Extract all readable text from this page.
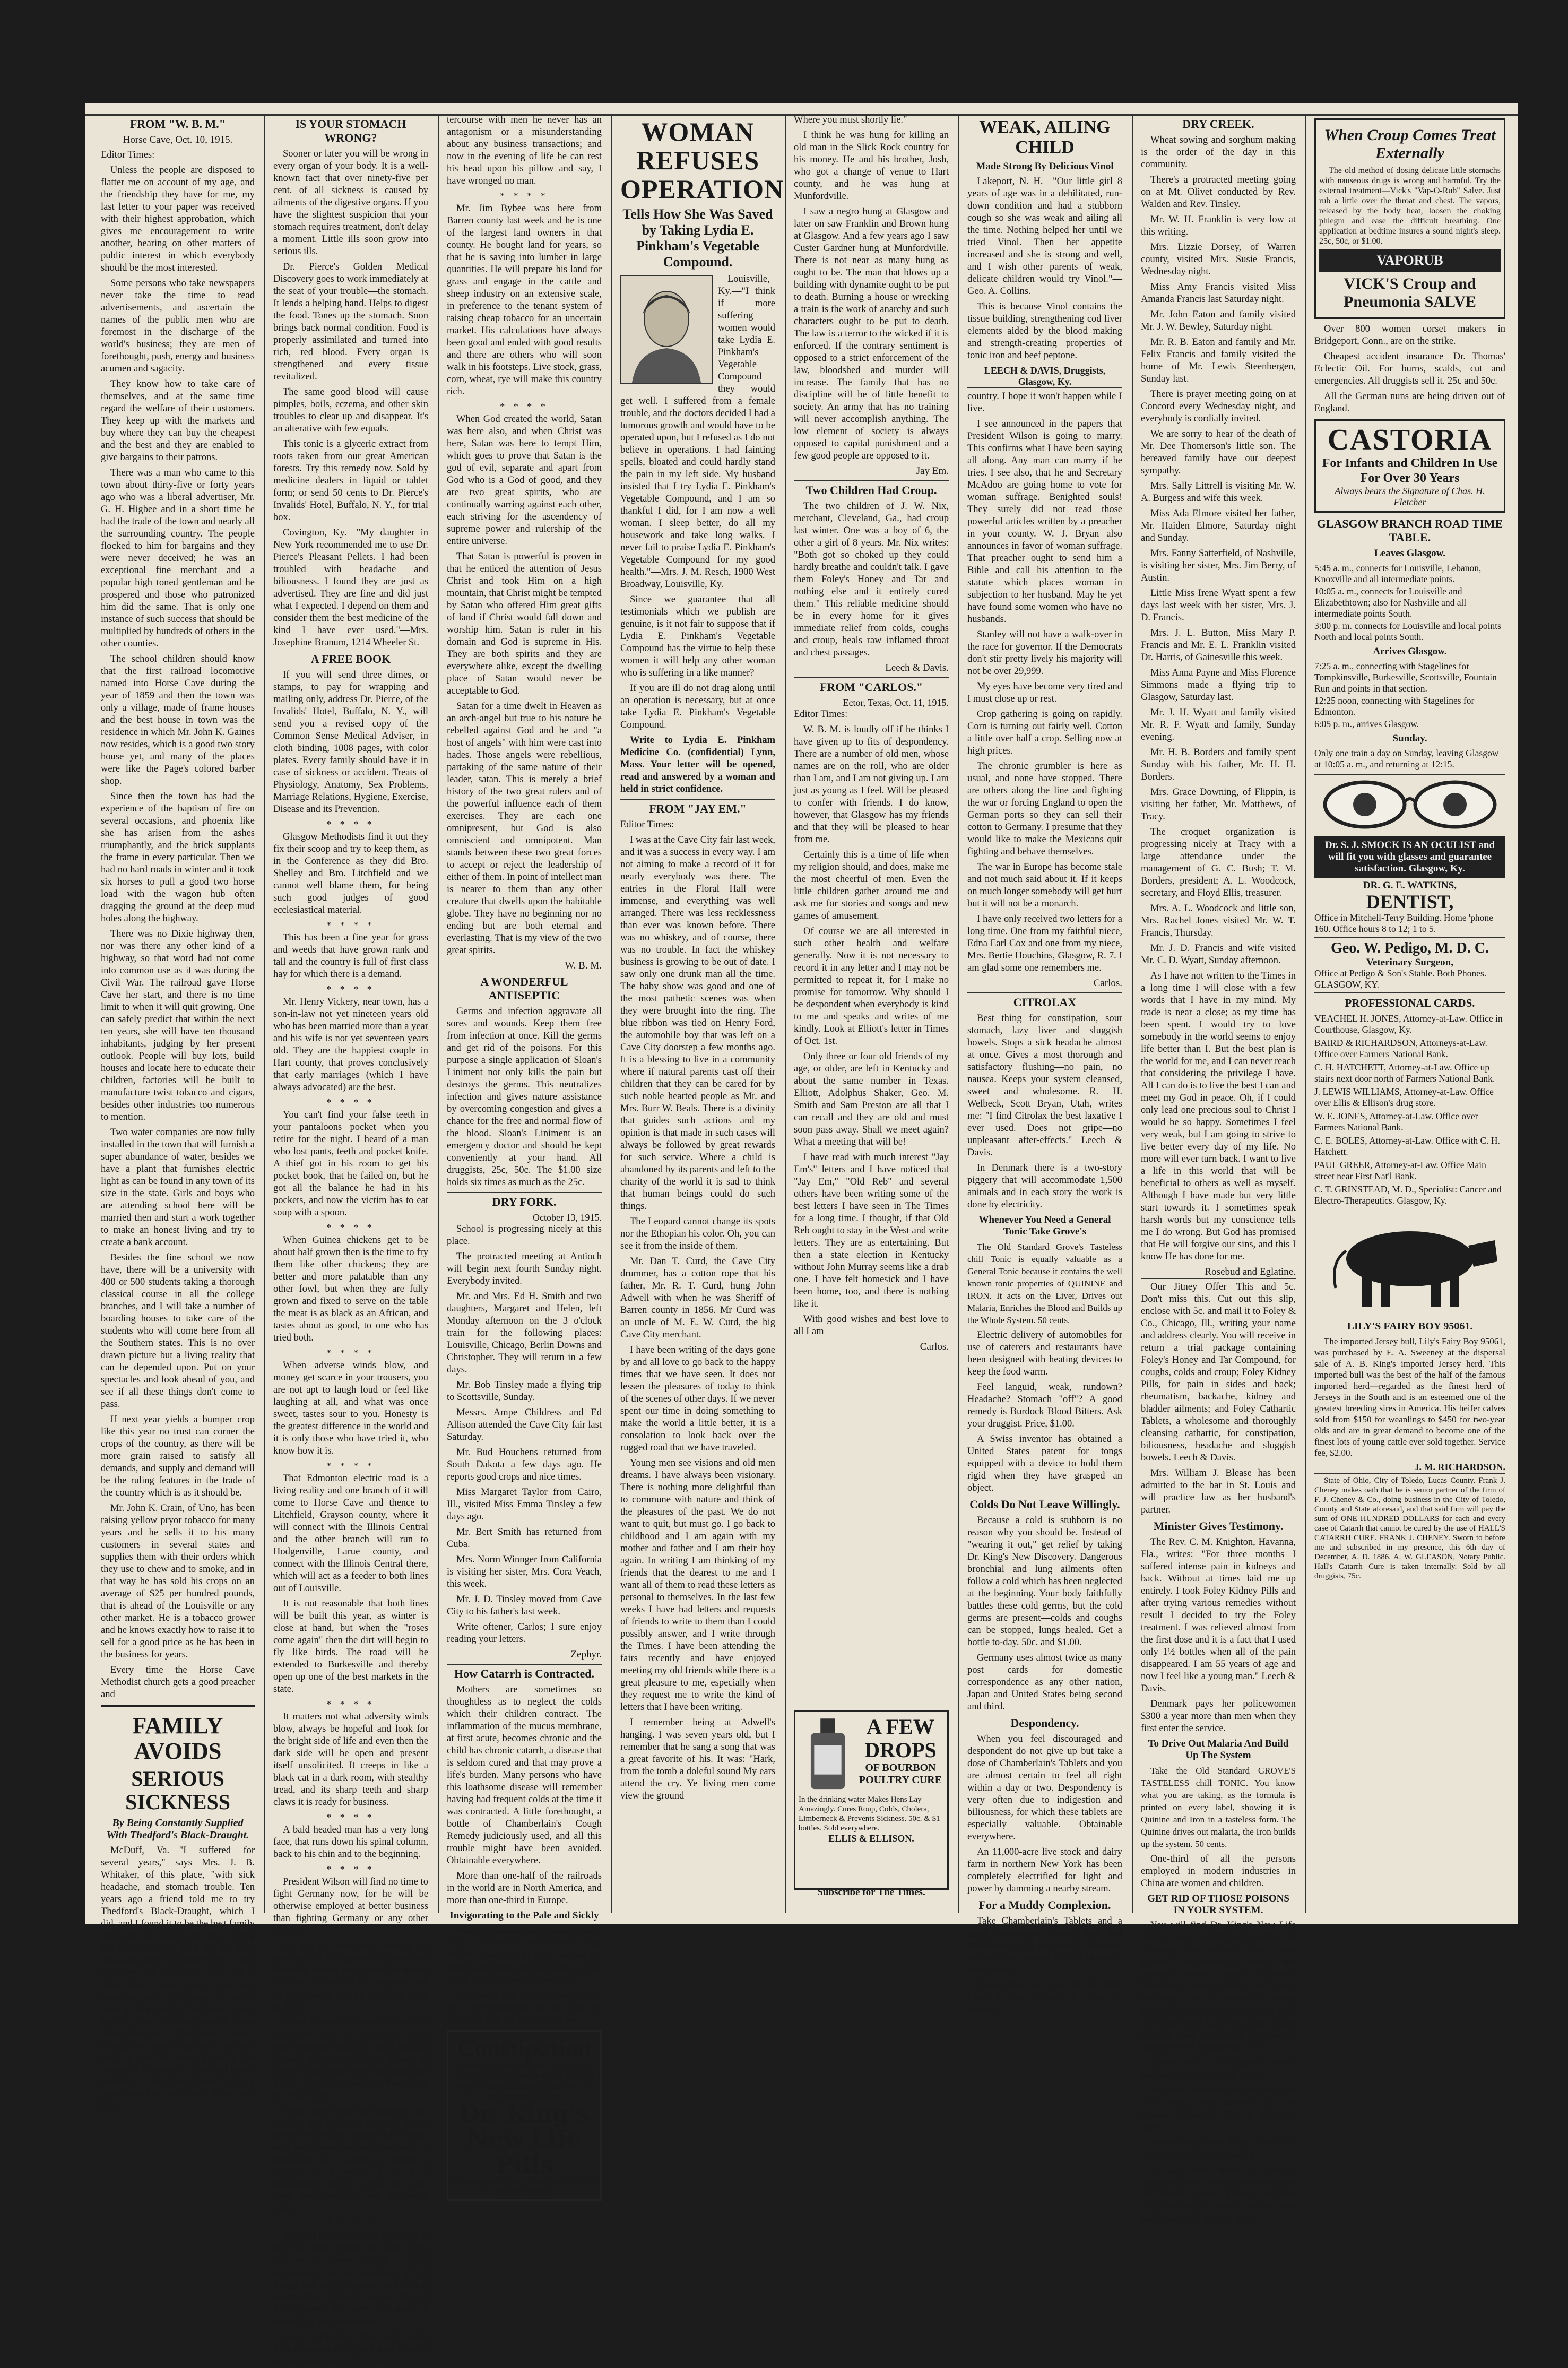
FROM "W. B. M."
Horse Cave, Oct. 10, 1915.

Editor Times:

Unless the people are disposed to flatter me on account of my age, and the friendship they have for me, my last letter to your paper was received with their highest approbation, which gives me encouragement to write another, bearing on other matters of public interest in which everybody should be the most interested.

Some persons who take newspapers never take the time to read advertisements, and ascertain the names of the public men who are foremost in the discharge of the world's business; they are men of forethought, push, energy and business acumen and sagacity.

They know how to take care of themselves, and at the same time regard the welfare of their customers. They keep up with the markets and buy where they can buy the cheapest and the best and they are enabled to give bargains to their patrons.

There was a man who came to this town about thirty-five or forty years ago who was a liberal advertiser, Mr. G. H. Higbee and in a short time he had the trade of the town and nearly all the surrounding country. The people flocked to him for bargains and they were never deceived; he was an exceptional fine merchant and a popular high toned gentleman and he prospered and those who patronized him did the same. That is only one instance of such success that should be multiplied by hundreds of others in the other counties.

The school children should know that the first railroad locomotive named into Horse Cave during the year of 1859 and then the town was only a village, made of frame houses and the best house in town was the residence in which Mr. John K. Gaines now resides, which is a good two story house yet, and many of the places were like the Page's colored barber shop.

Since then the town has had the experience of the baptism of fire on several occasions, and phoenix like she has arisen from the ashes triumphantly, and the brick supplants the frame in every particular. Then we had no hard roads in winter and it took six horses to pull a good two horse load with the wagon hub often dragging the ground at the deep mud holes along the highway.

There was no Dixie highway then, nor was there any other kind of a highway, so that word had not come into common use as it was during the Civil War. The railroad gave Horse Cave her start, and there is no time limit to when it will quit growing. One can safely predict that within the next ten years, she will have ten thousand inhabitants, judging by her present outlook. People will buy lots, build houses and locate here to educate their children, factories will be built to manufacture twist tobacco and cigars, besides other industries too numerous to mention.

Two water companies are now fully installed in the town that will furnish a super abundance of water, besides we have a plant that furnishes electric light as can be found in any town of its size in the state. Girls and boys who are attending school here will be married then and start a work together to make an honest living and try to create a bank account.

Besides the fine school we now have, there will be a university with 400 or 500 students taking a thorough classical course in all the college branches, and I will take a number of boarding houses to take care of the students who will come here from all the Southern states. This is no over drawn picture but a living reality that can be depended upon. Put on your spectacles and look ahead of you, and see if all these things don't come to pass.

If next year yields a bumper crop like this year no trust can corner the crops of the country, as there will be more grain raised to satisfy all demands, and supply and demand will be the ruling features in the trade of the country which is as it should be.

Mr. John K. Crain, of Uno, has been raising yellow pryor tobacco for many years and he sells it to his many customers in several states and supplies them with their orders which they use to chew and to smoke, and in that way he has sold his crops on an average of $25 per hundred pounds, that is ahead of the Louisville or any other market. He is a tobacco grower and he knows exactly how to raise it to sell for a good price as he has been in the business for years.

Every time the Horse Cave Methodist church gets a good preacher and

FAMILY AVOIDS
SERIOUS SICKNESS
By Being Constantly Supplied With Thedford's Black-Draught.

McDuff, Va.—"I suffered for several years," says Mrs. J. B. Whitaker, of this place, "with sick headache, and stomach trouble. Ten years ago a friend told me to try Thedford's Black-Draught, which I did, and I found it to be the best family medicine for young and old. I keep Black-Draught on hand all the time now, and when my children feel a little bad, they ask me for a dose, and it does them more good than any medicine they ever tried. We never have a long spell of sickness in our family, since we commenced using Black-Draught." Thedford's Black-Draught is purely vegetable, and has been in use for many years in the treatment of stomach, liver and bowel troubles. It has been found to be a great friend of the family. Price only 25c.

IS YOUR STOMACH WRONG?

Sooner or later you will be wrong in every organ of your body. It is a well-known fact that over ninety-five per cent. of all sickness is caused by ailments of the digestive organs. If you have the slightest suspicion that your stomach requires treatment, don't delay a moment. Little ills soon grow into serious ills.

Dr. Pierce's Golden Medical Discovery goes to work immediately at the seat of your trouble—the stomach. It lends a helping hand. Helps to digest the food. Tones up the stomach. Soon brings back normal condition. Food is properly assimilated and turned into rich, red blood. Every organ is strengthened and every tissue revitalized.

The same good blood will cause pimples, boils, eczema, and other skin troubles to clear up and disappear. It's an alterative with few equals.

This tonic is a glyceric extract from roots taken from our great American forests. Try this remedy now. Sold by medicine dealers in liquid or tablet form; or send 50 cents to Dr. Pierce's Invalids' Hotel, Buffalo, N. Y., for trial box.

Covington, Ky.—"My daughter in New York recommended me to use Dr. Pierce's Pleasant Pellets. I had been troubled with headache and biliousness. I found they are just as advertised. They are fine and did just what I expected. I depend on them and consider them the best medicine of the kind I have ever used."—Mrs. Josephine Branum, 1214 Wheeler St.

A FREE BOOK

If you will send three dimes, or stamps, to pay for wrapping and mailing only, address Dr. Pierce, of the Invalids' Hotel, Buffalo, N. Y., will send you a revised copy of the Common Sense Medical Adviser, in cloth binding, 1008 pages, with color plates. Every family should have it in case of sickness or accident. Treats of Physiology, Anatomy, Sex Problems, Marriage Relations, Hygiene, Exercise, Disease and its Prevention.

* * * *

Glasgow Methodists find it out they fix their scoop and try to keep them, as in the Conference as they did Bro. Shelley and Bro. Litchfield and we cannot well blame them, for being such good judges of good ecclesiastical material.

* * * *

This has been a fine year for grass and weeds that have grown rank and tall and the country is full of first class hay for which there is a demand.

* * * *

Mr. Henry Vickery, near town, has a son-in-law not yet nineteen years old who has been married more than a year and his wife is not yet seventeen years old. They are the happiest couple in Hart county, that proves conclusively that early marriages (which I have always advocated) are the best.

* * * *

You can't find your false teeth in your pantaloons pocket when you retire for the night. I heard of a man who lost pants, teeth and pocket knife. A thief got in his room to get his pocket book, that he failed on, but he got all the balance he had in his pockets, and now the victim has to eat soup with a spoon.

* * * *

When Guinea chickens get to be about half grown then is the time to fry them like other chickens; they are better and more palatable than any other fowl, but when they are fully grown and fixed to serve on the table the meat is as black as an African, and tastes about as good, to one who has tried both.

* * * *

When adverse winds blow, and money get scarce in your trousers, you are not apt to laugh loud or feel like laughing at all, and what was once sweet, tastes sour to you. Honesty is the greatest difference in the world and it is only those who have tried it, who know how it is.

* * * *

That Edmonton electric road is a living reality and one branch of it will come to Horse Cave and thence to Litchfield, Grayson county, where it will connect with the Illinois Central and the other branch will run to Hodgenville, Larue county, and connect with the Illinois Central there, which will act as a feeder to both lines out of Louisville.

It is not reasonable that both lines will be built this year, as winter is close at hand, but when the "roses come again" then the dirt will begin to fly like birds. The road will be extended to Burkesville and thereby open up one of the best markets in the state.

* * * *

It matters not what adversity winds blow, always be hopeful and look for the bright side of life and even then the dark side will be open and present itself unsolicited. It creeps in like a black cat in a dark room, with stealthy tread, and its sharp teeth and sharp claws it is ready for business.

* * * *

A bald headed man has a very long face, that runs down his spinal column, back to his chin and to the beginning.

* * * *

President Wilson will find no time to fight Germany now, for he will be otherwise employed at better business than fighting Germany or any other country.

He will be "watchfully waiting" to take care of his spouse to please that beautiful widow he is about to marry, and that will take all his attention until he gets ready to run for President again in 1916.

While Europe is at strife for war his mind and heart are engrossed in far more important matters, and is looking forward to generations yet unborn, to live in a land that flows with milk and honey, and enjoy the best there is in the entire land.

While that kings and emperors are fighting and shedding innocent blood, he can rest his arm around that widows neck and forget there was ever such an instrument as a cannon, a musket, a bayonet or a sword. If he is a philosopher and he views life only from the substantial and the bright sides.

* * * *

Mr. Joel White is one of the oldest if not the oldest citizen in Horse Cave and he has been through a good experience. He is interested in all things and strictly honest, and he has accumulated property and he has all the property he owns he made it himself by his own efforts.

He is a friend to those who merit friendship and a neighbor hard to excel in any particular. In all of his in-

tercourse with men he never has an antagonism or a misunderstanding about any business transactions; and now in the evening of life he can rest his head upon his pillow and say, I have wronged no man.

* * * *

Mr. Jim Bybee was here from Barren county last week and he is one of the largest land owners in that county. He bought land for years, so that he is saving into lumber in large quantities. He will prepare his land for grass and engage in the cattle and sheep industry on an extensive scale, in preference to the tenant system of raising cheap tobacco for an uncertain market. His calculations have always been good and ended with good results and there are others who will soon walk in his footsteps. Live stock, grass, corn, wheat, rye will make this country rich.

* * * *

When God created the world, Satan was here also, and when Christ was here, Satan was here to tempt Him, which goes to prove that Satan is the god of evil, separate and apart from God who is a God of good, and they are two great spirits, who are continually warring against each other, each striving for the ascendency of supreme power and rulership of the entire universe.

That Satan is powerful is proven in that he enticed the attention of Jesus Christ and took Him on a high mountain, that Christ might be tempted by Satan who offered Him great gifts of land if Christ would fall down and worship him. Satan is ruler in his domain and God is supreme in His. They are both spirits and they are everywhere alike, except the dwelling place of Satan would never be acceptable to God.

Satan for a time dwelt in Heaven as an arch-angel but true to his nature he rebelled against God and he and "a host of angels" with him were cast into hades. Those angels were rebellious, partaking of the same nature of their leader, satan. This is merely a brief history of the two great rulers and of the powerful influence each of them exercises. They are each one omnipresent, but God is also omniscient and omnipotent. Man stands between these two great forces to accept or reject the leadership of either of them. In point of intellect man is nearer to them than any other creature that dwells upon the habitable globe. They have no beginning nor no ending but are both eternal and everlasting. That is my view of the two great spirits.

W. B. M.
A WONDERFUL ANTISEPTIC

Germs and infection aggravate all sores and wounds. Keep them free from infection at once. Kill the germs and get rid of the poisons. For this purpose a single application of Sloan's Liniment not only kills the pain but destroys the germs. This neutralizes infection and gives nature assistance by overcoming congestion and gives a chance for the free and normal flow of the blood. Sloan's Liniment is an emergency doctor and should be kept conveniently at your hand. All druggists, 25c, 50c. The $1.00 size holds six times as much as the 25c.

DRY FORK.
October 13, 1915.

School is progressing nicely at this place.

The protracted meeting at Antioch will begin next fourth Sunday night. Everybody invited.

Mr. and Mrs. Ed H. Smith and two daughters, Margaret and Helen, left Monday afternoon on the 3 o'clock train for the following places: Louisville, Chicago, Berlin Downs and Christopher. They will return in a few days.

Mr. Bob Tinsley made a flying trip to Scottsville, Sunday.

Messrs. Ampe Childress and Ed Allison attended the Cave City fair last Saturday.

Mr. Bud Houchens returned from South Dakota a few days ago. He reports good crops and nice times.

Miss Margaret Taylor from Cairo, Ill., visited Miss Emma Tinsley a few days ago.

Mr. Bert Smith has returned from Cuba.

Mrs. Norm Winnger from California is visiting her sister, Mrs. Cora Veach, this week.

Mr. J. D. Tinsley moved from Cave City to his father's last week.

Write oftener, Carlos; I sure enjoy reading your letters.

Zephyr.
How Catarrh is Contracted.

Mothers are sometimes so thoughtless as to neglect the colds which their children contract. The inflammation of the mucus membrane, at first acute, becomes chronic and the child has chronic catarrh, a disease that is seldom cured and that may prove a life's burden. Many persons who have this loathsome disease will remember having had frequent colds at the time it was contracted. A little forethought, a bottle of Chamberlain's Cough Remedy judiciously used, and all this trouble might have been avoided. Obtainable everywhere.

More than one-half of the railroads in the world are in North America, and more than one-third in Europe.

Invigorating to the Pale and Sickly

The Old Standard general strengthening tonic, GROVE'S TASTELESS chill TONIC, drives out Malaria, enriches the blood, and builds up the system. A true Tonic. For adults and children. 50c.

Aluminum can be rolled into sheets one two-thousandth of an inch in thickness that are as strong as tin.

Constipation
Leads to serious troubles—Headache, Dizziness, Biliousness, Fever, Piles, Bad Breath—always relieved by the safe, sure and pleasant laxative
Dr. King's New Life Pills
All Druggists 25 cents. SATISFACTION OR MONEY BACK
WOMAN REFUSES OPERATION
Tells How She Was Saved by Taking Lydia E. Pinkham's Vegetable Compound.

Louisville, Ky.—"I think if more suffering women would take Lydia E. Pinkham's Vegetable Compound they would get well. I suffered from a female trouble, and the doctors decided I had a tumorous growth and would have to be operated upon, but I refused as I do not believe in operations. I had fainting spells, bloated and could hardly stand the pain in my left side. My husband insisted that I try Lydia E. Pinkham's Vegetable Compound, and I am so thankful I did, for I am now a well woman. I sleep better, do all my housework and take long walks. I never fail to praise Lydia E. Pinkham's Vegetable Compound for my good health."—Mrs. J. M. Resch, 1900 West Broadway, Louisville, Ky.

Since we guarantee that all testimonials which we publish are genuine, is it not fair to suppose that if Lydia E. Pinkham's Vegetable Compound has the virtue to help these women it will help any other woman who is suffering in a like manner?

If you are ill do not drag along until an operation is necessary, but at once take Lydia E. Pinkham's Vegetable Compound.

Write to Lydia E. Pinkham Medicine Co. (confidential) Lynn, Mass. Your letter will be opened, read and answered by a woman and held in strict confidence.

FROM "JAY EM."

Editor Times:

I was at the Cave City fair last week, and it was a success in every way. I am not aiming to make a record of it for nearly everybody was there. The entries in the Floral Hall were immense, and everything was well arranged. There was less recklessness than ever was known before. There was no whiskey, and of course, there was no trouble. In fact the whiskey business is growing to be out of date. I saw only one drunk man all the time. The baby show was good and one of the most pathetic scenes was when they were brought into the ring. The blue ribbon was tied on Henry Ford, the automobile boy that was left on a Cave City doorstep a few months ago. It is a blessing to live in a community where if natural parents cast off their children that they can be cared for by such noble hearted people as Mr. and Mrs. Burr W. Beals. There is a divinity that guides such actions and my opinion is that made in such cases will always be followed by great rewards for such service. Where a child is abandoned by its parents and left to the charity of the world it is sad to think that human beings could do such things.

The Leopard cannot change its spots nor the Ethopian his color. Oh, you can see it from the inside of them.

Mr. Dan T. Curd, the Cave City drummer, has a cotton rope that his father, Mr. R. T. Curd, hung John Adwell with when he was Sheriff of Barren county in 1856. Mr Curd was an uncle of M. E. W. Curd, the big Cave City merchant.

I have been writing of the days gone by and all love to go back to the happy times that we have seen. It does not lessen the pleasures of today to think of the scenes of other days. If we never spent our time in doing something to make the world a little better, it is a consolation to look back over the rugged road that we have traveled.

Young men see visions and old men dreams. I have always been visionary. There is nothing more delightful than to commune with nature and think of the pleasures of the past. We do not want to quit, but must go. I go back to childhood and I am again with my mother and father and I am their boy again. In writing I am thinking of my friends that the dearest to me and I want all of them to read these letters as personal to themselves. In the last few weeks I have had letters and requests of friends to write to them than I could possibly answer, and I write through the Times. I have been attending the fairs recently and have enjoyed meeting my old friends while there is a great pleasure to me, especially when they request me to write the kind of letters that I have been writing.

I remember being at Adwell's hanging. I was seven years old, but I remember that he sang a song that was a great favorite of his. It was: "Hark, from the tomb a doleful sound My ears attend the cry. Ye living men come view the ground

Where you must shortly lie."

I think he was hung for killing an old man in the Slick Rock country for his money. He and his brother, Josh, who got a change of venue to Hart county, and he was hung at Munfordville.

I saw a negro hung at Glasgow and later on saw Franklin and Brown hung at Glasgow. And a few years ago I saw Custer Gardner hung at Munfordville. There is not near as many hung as ought to be. The man that blows up a building with dynamite ought to be put to death. Burning a house or wrecking a train is the work of anarchy and such characters ought to be put to death. The law is a terror to the wicked if it is enforced. If the contrary sentiment is opposed to a strict enforcement of the law, bloodshed and murder will increase. The family that has no discipline will be of little benefit to society. An army that has no training will never accomplish anything. The low element of society is always opposed to capital punishment and a few good people are opposed to it.

Jay Em.
Two Children Had Croup.

The two children of J. W. Nix, merchant, Cleveland, Ga., had croup last winter. One was a boy of 6, the other a girl of 8 years. Mr. Nix writes: "Both got so choked up they could hardly breathe and couldn't talk. I gave them Foley's Honey and Tar and nothing else and it entirely cured them." This reliable medicine should be in every home for it gives immediate relief from colds, coughs and croup, heals raw inflamed throat and chest passages.

Leech & Davis.
FROM "CARLOS."
Ector, Texas, Oct. 11, 1915.

Editor Times:

W. B. M. is loudly off if he thinks I have given up to fits of despondency. There are a number of old men, whose names are on the roll, who are older than I am, and I am not giving up. I am just as young as I feel. Will be pleased to confer with friends. I do know, however, that Glasgow has my friends and that they will be pleased to hear from me.

Certainly this is a time of life when my religion should, and does, make me the most cheerful of men. Even the little children gather around me and ask me for stories and songs and new games of amusement.

Of course we are all interested in such other health and welfare generally. Now it is not necessary to record it in any letter and I may not be permitted to repeat it, for I make no promise for tomorrow. Why should I be despondent when everybody is kind to me and speaks and writes of me kindly. Look at Elliott's letter in Times of Oct. 1st.

Only three or four old friends of my age, or older, are left in Kentucky and about the same number in Texas. Elliott, Adolphus Shaker, Geo. M. Smith and Sam Preston are all that I can recall and they are old and must soon pass away. Shall we meet again? What a meeting that will be!

I have read with much interest "Jay Em's" letters and I have noticed that "Jay Em," "Old Reb" and several others have been writing some of the best letters I have seen in The Times for a long time. I thought, if that Old Reb ought to stay in the West and write letters. They are as entertaining. But then a state election in Kentucky without John Murray seems like a drab one. I have felt homesick and I have been home, too, and there is nothing like it.

With good wishes and best love to all I am

Carlos.
A FEW DROPS
OF BOURBON POULTRY CURE
In the drinking water Makes Hens Lay Amazingly. Cures Roup, Colds, Cholera, Limberneck & Prevents Sickness. 50c. & $1 bottles. Sold everywhere.
ELLIS & ELLISON.
Subscribe for The Times.
WEAK, AILING CHILD
Made Strong By Delicious Vinol

Lakeport, N. H.—"Our little girl 8 years of age was in a debilitated, run-down condition and had a stubborn cough so she was weak and ailing all the time. Nothing helped her until we tried Vinol. Then her appetite increased and she is strong and well, and I wish other parents of weak, delicate children would try Vinol."—Geo. A. Collins.

This is because Vinol contains the tissue building, strengthening cod liver elements aided by the blood making and strength-creating properties of tonic iron and beef peptone.

LEECH & DAVIS, Druggists, Glasgow, Ky.

country. I hope it won't happen while I live.

I see announced in the papers that President Wilson is going to marry. This confirms what I have been saying all along. Any man can marry if he tries. I see also, that he and Secretary McAdoo are going home to vote for woman suffrage. Benighted souls! They surely did not read those powerful articles written by a preacher in your county. W. J. Bryan also announces in favor of woman suffrage. That preacher ought to send him a Bible and call his attention to the statute which places woman in subjection to her husband. May he yet have found some women who have no husbands.

Stanley will not have a walk-over in the race for governor. If the Democrats don't stir pretty lively his majority will not be over 29,999.

My eyes have become very tired and I must close up or rest.

Crop gathering is going on rapidly. Corn is turning out fairly well. Cotton a little over half a crop. Selling now at high prices.

The chronic grumbler is here as usual, and none have stopped. There are others along the line and fighting the war or forcing England to open the German ports so they can sell their cotton to Germany. I presume that they would like to make the Mexicans quit fighting and behave themselves.

The war in Europe has become stale and not much said about it. If it keeps on much longer somebody will get hurt but it will not be a monarch.

I have only received two letters for a long time. One from my faithful niece, Edna Earl Cox and one from my niece, Mrs. Bertie Houchins, Glasgow, R. 7. I am glad some one remembers me.

Carlos.
CITROLAX

Best thing for constipation, sour stomach, lazy liver and sluggish bowels. Stops a sick headache almost at once. Gives a most thorough and satisfactory flushing—no pain, no nausea. Keeps your system cleansed, sweet and wholesome.—R. H. Welbeck, Scott Bryan, Utah, writes me: "I find Citrolax the best laxative I ever used. Does not gripe—no unpleasant after-effects." Leech & Davis.

In Denmark there is a two-story piggery that will accommodate 1,500 animals and in each story the work is done by electricity.

Whenever You Need a General Tonic Take Grove's

The Old Standard Grove's Tasteless chill Tonic is equally valuable as a General Tonic because it contains the well known tonic properties of QUININE and IRON. It acts on the Liver, Drives out Malaria, Enriches the Blood and Builds up the Whole System. 50 cents.

Electric delivery of automobiles for use of caterers and restaurants have been designed with heating devices to keep the food warm.

Feel languid, weak, rundown? Headache? Stomach "off"? A good remedy is Burdock Blood Bitters. Ask your druggist. Price, $1.00.

A Swiss inventor has obtained a United States patent for tongs equipped with a device to hold them rigid when they have grasped an object.

Colds Do Not Leave Willingly.

Because a cold is stubborn is no reason why you should be. Instead of "wearing it out," get relief by taking Dr. King's New Discovery. Dangerous bronchial and lung ailments often follow a cold which has been neglected at the beginning. Your body faithfully battles these cold germs, but the cold germs are present—colds and coughs can be stopped, lungs healed. Get a bottle to-day. 50c. and $1.00.

Germany uses almost twice as many post cards for domestic correspondence as any other nation, Japan and United States being second and third.

Despondency.

When you feel discouraged and despondent do not give up but take a dose of Chamberlain's Tablets and you are almost certain to feel all right within a day or two. Despondency is very often due to indigestion and biliousness, for which these tablets are especially valuable. Obtainable everywhere.

An 11,000-acre live stock and dairy farm in northern New York has been completely electrified for light and power by damming a nearby stream.

For a Muddy Complexion.

Take Chamberlain's Tablets and a good complexion sallow and dull complexion will be greatly improved within a few months. Try it. Obtainable everywhere.

Twenty-five per cent of the farm labor in this country is done by women.

DRY CREEK.

Wheat sowing and sorghum making is the order of the day in this community.

There's a protracted meeting going on at Mt. Olivet conducted by Rev. Walden and Rev. Tinsley.

Mr. W. H. Franklin is very low at this writing.

Mrs. Lizzie Dorsey, of Warren county, visited Mrs. Susie Francis, Wednesday night.

Miss Amy Francis visited Miss Amanda Francis last Saturday night.

Mr. John Eaton and family visited Mr. J. W. Bewley, Saturday night.

Mr. R. B. Eaton and family and Mr. Felix Francis and family visited the home of Mr. Lewis Steenbergen, Sunday last.

There is prayer meeting going on at Concord every Wednesday night, and everybody is cordially invited.

We are sorry to hear of the death of Mr. Dee Thomerson's little son. The bereaved family have our deepest sympathy.

Mrs. Sally Littrell is visiting Mr. W. A. Burgess and wife this week.

Miss Ada Elmore visited her father, Mr. Haiden Elmore, Saturday night and Sunday.

Mrs. Fanny Satterfield, of Nashville, is visiting her sister, Mrs. Jim Berry, of Austin.

Little Miss Irene Wyatt spent a few days last week with her sister, Mrs. J. D. Francis.

Mrs. J. L. Button, Miss Mary P. Francis and Mr. E. L. Franklin visited Dr. Harris, of Gainesville this week.

Miss Anna Payne and Miss Florence Simmons made a flying trip to Glasgow, Saturday last.

Mr. J. H. Wyatt and family visited Mr. R. F. Wyatt and family, Sunday evening.

Mr. H. B. Borders and family spent Sunday with his father, Mr. H. H. Borders.

Mrs. Grace Downing, of Flippin, is visiting her father, Mr. Matthews, of Tracy.

The croquet organization is progressing nicely at Tracy with a large attendance under the management of G. C. Bush; T. M. Borders, president; A. L. Woodcock, secretary, and Floyd Ellis, treasurer.

Mrs. A. L. Woodcock and little son, Mrs. Rachel Jones visited Mr. W. T. Francis, Thursday.

Mr. J. D. Francis and wife visited Mr. C. D. Wyatt, Sunday afternoon.

As I have not written to the Times in a long time I will close with a few words that I have in my mind. My trade is near a close; as my time has been spent. I would try to love somebody in the world seems to enjoy life better than I. But the best plan is the world for me, and I can never reach that considering the privilege I have. All I can do is to live the best I can and meet my God in peace. Oh, if I could only lead one precious soul to Christ I would be so happy. Sometimes I feel very weak, but I am going to strive to live better every day of my life. No more will ever turn back. I want to live a life in this world that will be beneficial to others as well as myself. Although I have made but very little start towards it. I sometimes speak harsh words but my conscience tells me I do wrong. But God has promised that He will forgive our sins, and this I know He has done for me.

Rosebud and Eglatine.

Our Jitney Offer—This and 5c. Don't miss this. Cut out this slip, enclose with 5c. and mail it to Foley & Co., Chicago, Ill., writing your name and address clearly. You will receive in return a trial package containing Foley's Honey and Tar Compound, for coughs, colds and croup; Foley Kidney Pills, for pain in sides and back; rheumatism, backache, kidney and bladder ailments; and Foley Cathartic Tablets, a wholesome and thoroughly cleansing cathartic, for constipation, biliousness, headache and sluggish bowels. Leech & Davis.

Mrs. William J. Blease has been admitted to the bar in St. Louis and will practice law as her husband's partner.

Minister Gives Testimony.

The Rev. C. M. Knighton, Havanna, Fla., writes: "For three months I suffered intense pain in kidneys and back. Without at times laid me up entirely. I took Foley Kidney Pills and after trying various remedies without result I decided to try the Foley treatment. I was relieved almost from the first dose and it is a fact that I used only 1½ bottles when all of the pain disappeared. I am 55 years of age and now I feel like a young man." Leech & Davis.

Denmark pays her policewomen $300 a year more than men when they first enter the service.

To Drive Out Malaria And Build Up The System

Take the Old Standard GROVE'S TASTELESS chill TONIC. You know what you are taking, as the formula is printed on every label, showing it is Quinine and Iron in a tasteless form. The Quinine drives out malaria, the Iron builds up the system. 50 cents.

One-third of all the persons employed in modern industries in China are women and children.

GET RID OF THOSE POISONS IN YOUR SYSTEM.

You will find Dr. King's New Life Pills a most satisfactory laxative in releasing the poisons from your system. Accumulated waste and poisons cause many ailments. Dizziness, spots before the eyes, blackness and a miserable feeling generally are indications that you need Dr. King's New Life Pills. Take a dose to-night and you will experience grateful relief by morning. 25c.

Queen Mary of England prefers lavender scent before all others.

For any itchiness of the skin, for skin rashes, chap, pimples, etc., try Doan's Ointment. 50c at all drug stores.

Women make over 47 per cent of all cigars smoked in the country.

A lazy liver leads to chronic dyspepsia and constipation—weakens the whole system. Doan's Regulets (25c per box) act mildly on the liver and bowels. At all drug stores.

When Croup Comes Treat Externally

The old method of dosing delicate little stomachs with nauseous drugs is wrong and harmful. Try the external treatment—Vick's "Vap-O-Rub" Salve. Just rub a little over the throat and chest. The vapors, released by the body heat, loosen the choking phlegm and ease the difficult breathing. One application at bedtime insures a sound night's sleep. 25c, 50c, or $1.00.

VAPORUB
VICK'S Croup and Pneumonia SALVE

Over 800 women corset makers in Bridgeport, Conn., are on the strike.

Cheapest accident insurance—Dr. Thomas' Eclectic Oil. For burns, scalds, cut and emergencies. All druggists sell it. 25c and 50c.

All the German nuns are being driven out of England.

CASTORIA
For Infants and Children In Use For Over 30 Years
Always bears the Signature of Chas. H. Fletcher
GLASGOW BRANCH ROAD TIME TABLE.
Leaves Glasgow.

5:45 a. m., connects for Louisville, Lebanon, Knoxville and all intermediate points.

10:05 a. m., connects for Louisville and Elizabethtown; also for Nashville and all intermediate points South.

3:00 p. m. connects for Louisville and local points North and local points South.

Arrives Glasgow.

7:25 a. m., connecting with Stagelines for Tompkinsville, Burkesville, Scottsville, Fountain Run and points in that section.

12:25 noon, connecting with Stagelines for Edmonton.

6:05 p. m., arrives Glasgow.

Sunday.

Only one train a day on Sunday, leaving Glasgow at 10:05 a. m., and returning at 12:15.

Dr. S. J. SMOCK IS AN OCULIST and will fit you with glasses and guarantee satisfaction. Glasgow, Ky.
DR. G. E. WATKINS,
DENTIST,
Office in Mitchell-Terry Building. Home 'phone 160. Office hours 8 to 12; 1 to 5.
Geo. W. Pedigo, M. D. C.
Veterinary Surgeon,
Office at Pedigo & Son's Stable. Both Phones. GLASGOW, KY.
PROFESSIONAL CARDS.

VEACHEL H. JONES, Attorney-at-Law. Office in Courthouse, Glasgow, Ky.

BAIRD & RICHARDSON, Attorneys-at-Law. Office over Farmers National Bank.

C. H. HATCHETT, Attorney-at-Law. Office up stairs next door north of Farmers National Bank.

J. LEWIS WILLIAMS, Attorney-at-Law. Office over Ellis & Ellison's drug store.

W. E. JONES, Attorney-at-Law. Office over Farmers National Bank.

C. E. BOLES, Attorney-at-Law. Office with C. H. Hatchett.

PAUL GREER, Attorney-at-Law. Office Main street near First Nat'l Bank.

C. T. GRINSTEAD, M. D., Specialist: Cancer and Electro-Therapeutics. Glasgow, Ky.

LILY'S FAIRY BOY 95061.

The imported Jersey bull, Lily's Fairy Boy 95061, was purchased by E. A. Sweeney at the dispersal sale of A. B. King's imported Jersey herd. This imported bull was the best of the half of the famous imported herd—regarded as the finest herd of Jerseys in the South and is an esteemed one of the greatest breeding sires in America. His heifer calves sold from $150 for weanlings to $450 for two-year olds and are in great demand to become one of the finest lots of young cattle ever sold together. Service fee, $2.00.

J. M. RICHARDSON.

State of Ohio, City of Toledo, Lucas County. Frank J. Cheney makes oath that he is senior partner of the firm of F. J. Cheney & Co., doing business in the City of Toledo, County and State aforesaid, and that said firm will pay the sum of ONE HUNDRED DOLLARS for each and every case of Catarrh that cannot be cured by the use of HALL'S CATARRH CURE. FRANK J. CHENEY. Sworn to before me and subscribed in my presence, this 6th day of December, A. D. 1886. A. W. GLEASON, Notary Public. Hall's Catarrh Cure is taken internally. Sold by all druggists, 75c.
